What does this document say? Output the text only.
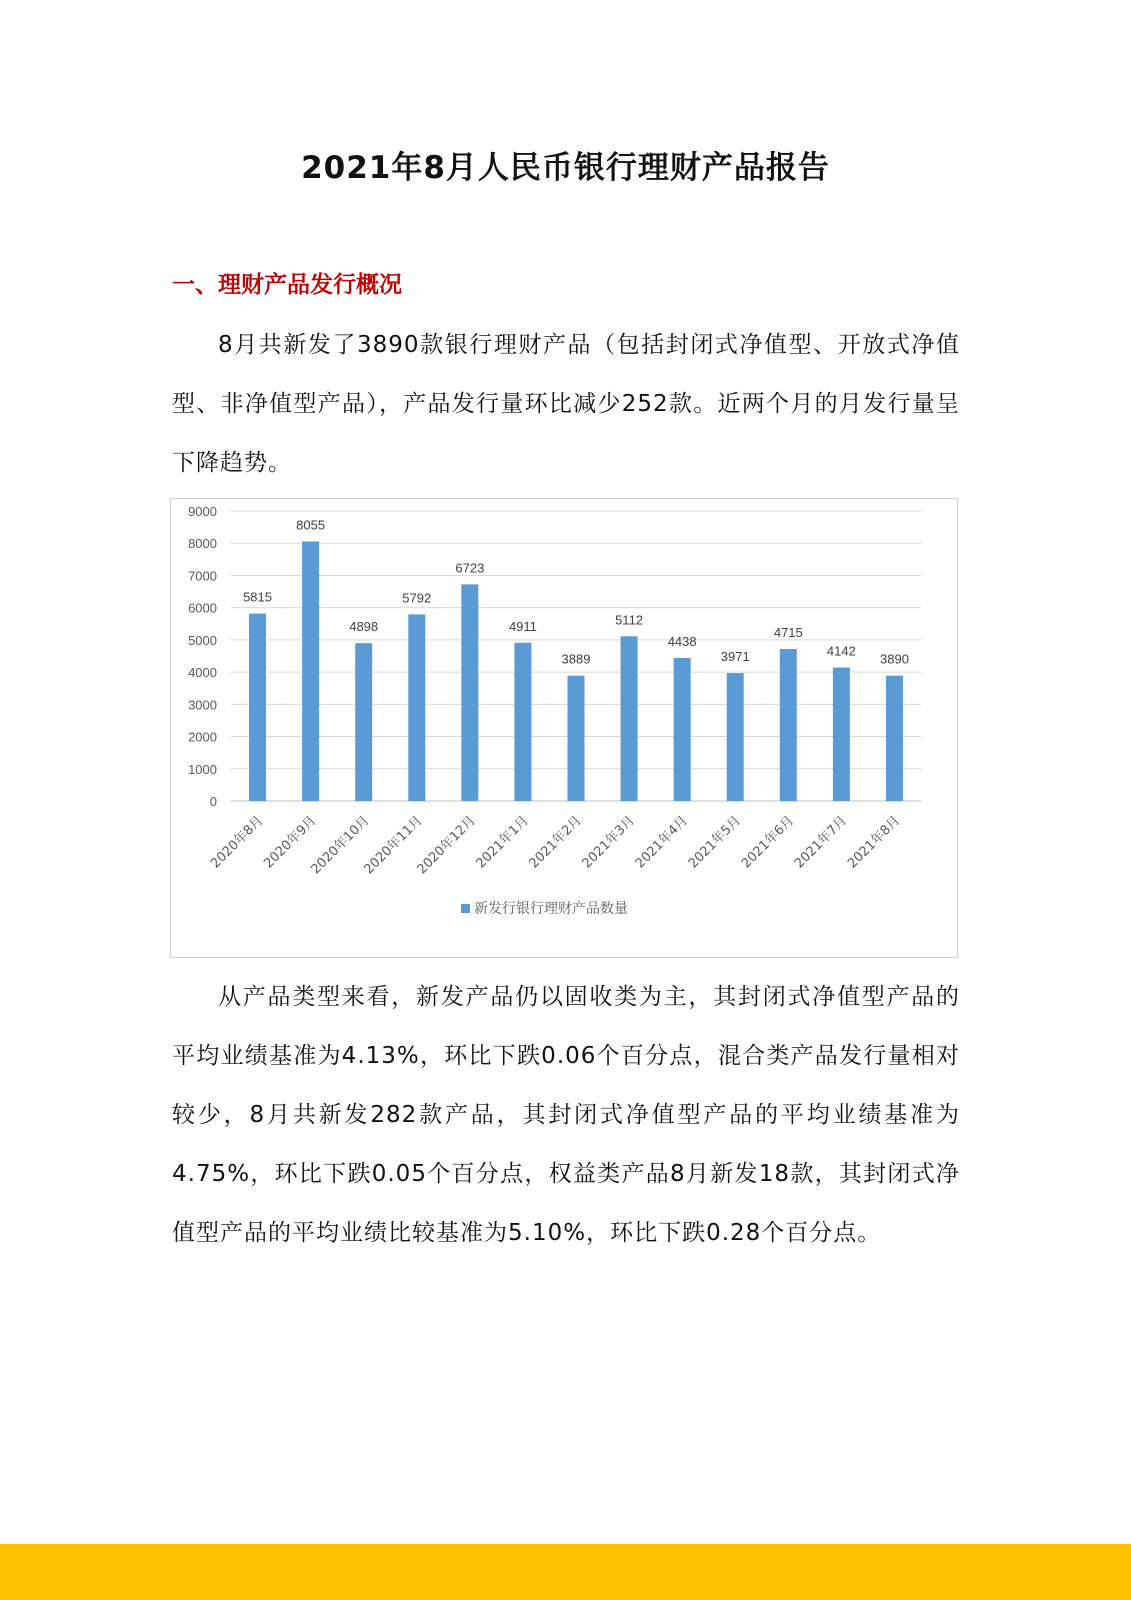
2021年8月人民币银行理财产品报告
一、理财产品发行概况
8月共新发了3890款银行理财产品（包括封闭式净值型、开放式净值型、非净值型产品），产品发行量环比减少252款。近两个月的月发行量呈下降趋势。
0
1000
2000
3000
4000
5000
6000
7000
8000
9000
5815
2020年8月
8055
2020年9月
4898
2020年10月
5792
2020年11月
6723
2020年12月
4911
2021年1月
3889
2021年2月
5112
2021年3月
4438
2021年4月
3971
2021年5月
4715
2021年6月
4142
2021年7月
3890
2021年8月
新发行银行理财产品数量
从产品类型来看，新发产品仍以固收类为主，其封闭式净值型产品的平均业绩基准为4.13%，环比下跌0.06个百分点，混合类产品发行量相对较少，8月共新发282款产品，其封闭式净值型产品的平均业绩基准为4.75%，环比下跌0.05个百分点，权益类产品8月新发18款，其封闭式净值型产品的平均业绩比较基准为5.10%，环比下跌0.28个百分点。
